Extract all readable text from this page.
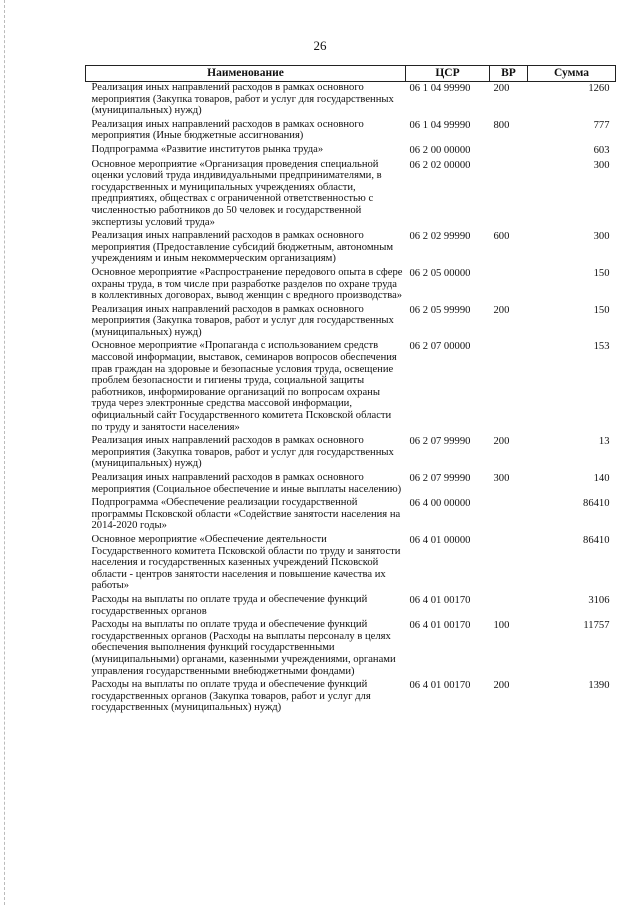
26
Наименование	ЦСР	ВР	Сумма
Реализация иных направлений расходов в рамках основного мероприятия (Закупка товаров, работ и услуг для государственных (муниципальных) нужд)	06 1 04 99990	200	1260
Реализация иных направлений расходов в рамках основного мероприятия (Иные бюджетные ассигнования)	06 1 04 99990	800	777
Подпрограмма «Развитие институтов рынка труда»	06 2 00 00000		603
Основное мероприятие «Организация проведения специальной оценки условий труда индивидуальными предпринимателями, в государственных и муниципальных учреждениях области, предприятиях, обществах с ограниченной ответственностью с численностью работников до 50 человек и государственной экспертизы условий труда»	06 2 02 00000		300
Реализация иных направлений расходов в рамках основного мероприятия (Предоставление субсидий бюджетным, автономным учреждениям и иным некоммерческим организациям)	06 2 02 99990	600	300
Основное мероприятие «Распространение передового опыта в сфере охраны труда, в том числе при разработке разделов по охране труда в коллективных договорах, вывод женщин с вредного производства»	06 2 05 00000		150
Реализация иных направлений расходов в рамках основного мероприятия (Закупка товаров, работ и услуг для государственных (муниципальных) нужд)	06 2 05 99990	200	150
Основное мероприятие «Пропаганда с использованием средств массовой информации, выставок, семинаров вопросов обеспечения прав граждан на здоровые и безопасные условия труда, освещение проблем безопасности и гигиены труда, социальной защиты работников, информирование организаций по вопросам охраны труда через электронные средства массовой информации, официальный сайт Государственного комитета Псковской области по труду и занятости населения»	06 2 07 00000		153
Реализация иных направлений расходов в рамках основного мероприятия (Закупка товаров, работ и услуг для государственных (муниципальных) нужд)	06 2 07 99990	200	13
Реализация иных направлений расходов в рамках основного мероприятия (Социальное обеспечение и иные выплаты населению)	06 2 07 99990	300	140
Подпрограмма «Обеспечение реализации государственной программы Псковской области «Содействие занятости населения на 2014-2020 годы»	06 4 00 00000		86410
Основное мероприятие «Обеспечение деятельности Государственного комитета Псковской области по труду и занятости населения и государственных казенных учреждений Псковской области - центров занятости населения и повышение качества их работы»	06 4 01 00000		86410
Расходы на выплаты по оплате труда и обеспечение функций государственных органов	06 4 01 00170		3106
Расходы на выплаты по оплате труда и обеспечение функций государственных органов (Расходы на выплаты персоналу в целях обеспечения выполнения функций государственными (муниципальными) органами, казенными учреждениями, органами управления государственными внебюджетными фондами)	06 4 01 00170	100	11757
Расходы на выплаты по оплате труда и обеспечение функций государственных органов (Закупка товаров, работ и услуг для государственных (муниципальных) нужд)	06 4 01 00170	200	1390
